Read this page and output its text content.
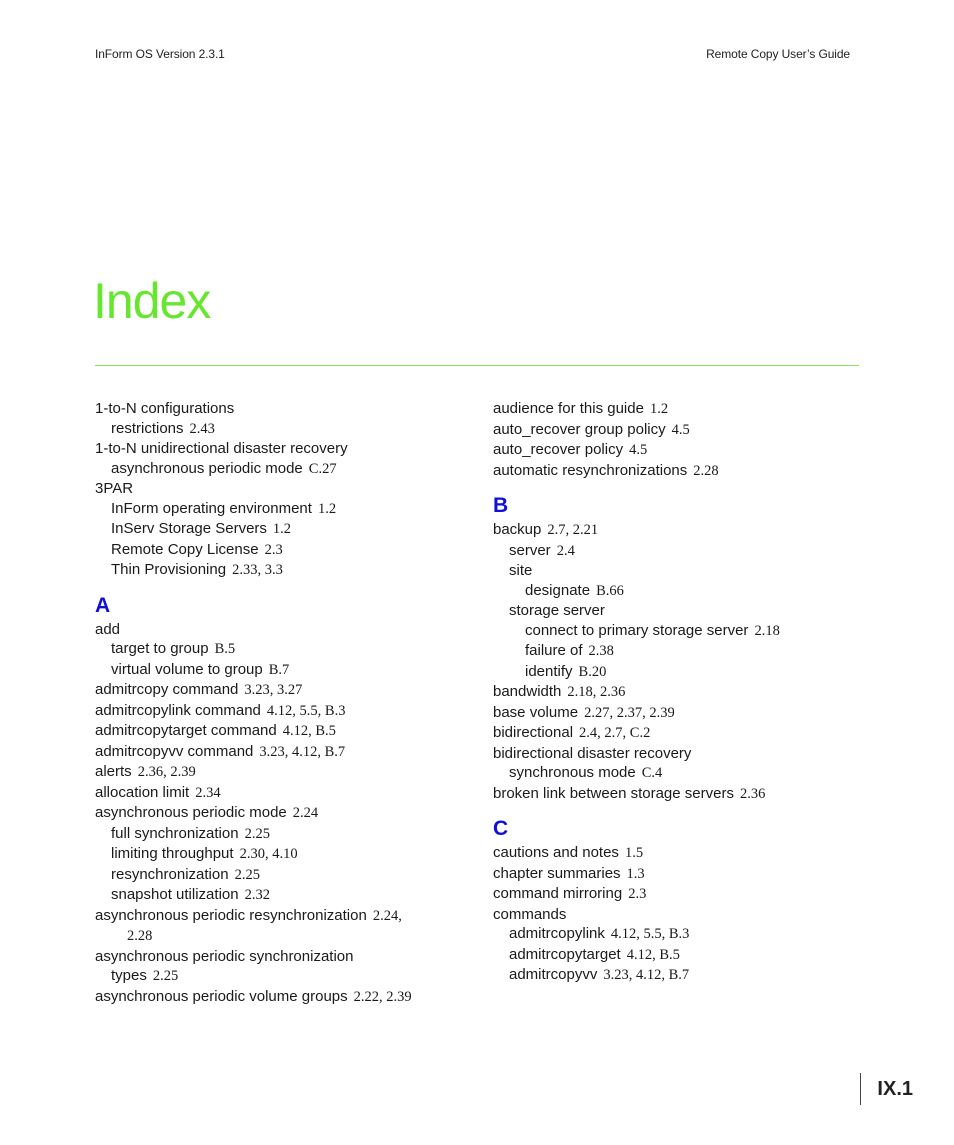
InForm OS Version 2.3.1	Remote Copy User’s Guide
Index
1-to-N configurations
restrictions 2.43
1-to-N unidirectional disaster recovery
asynchronous periodic mode C.27
3PAR
InForm operating environment 1.2
InServ Storage Servers 1.2
Remote Copy License 2.3
Thin Provisioning 2.33, 3.3
A
add
target to group B.5
virtual volume to group B.7
admitrcopy command 3.23, 3.27
admitrcopylink command 4.12, 5.5, B.3
admitrcopytarget command 4.12, B.5
admitrcopyvv command 3.23, 4.12, B.7
alerts 2.36, 2.39
allocation limit 2.34
asynchronous periodic mode 2.24
full synchronization 2.25
limiting throughput 2.30, 4.10
resynchronization 2.25
snapshot utilization 2.32
asynchronous periodic resynchronization 2.24,
2.28
asynchronous periodic synchronization
types 2.25
asynchronous periodic volume groups 2.22, 2.39
audience for this guide 1.2
auto_recover group policy 4.5
auto_recover policy 4.5
automatic resynchronizations 2.28
B
backup 2.7, 2.21
server 2.4
site
designate B.66
storage server
connect to primary storage server 2.18
failure of 2.38
identify B.20
bandwidth 2.18, 2.36
base volume 2.27, 2.37, 2.39
bidirectional 2.4, 2.7, C.2
bidirectional disaster recovery
synchronous mode C.4
broken link between storage servers 2.36
C
cautions and notes 1.5
chapter summaries 1.3
command mirroring 2.3
commands
admitrcopylink 4.12, 5.5, B.3
admitrcopytarget 4.12, B.5
admitrcopyvv 3.23, 4.12, B.7
IX.1
